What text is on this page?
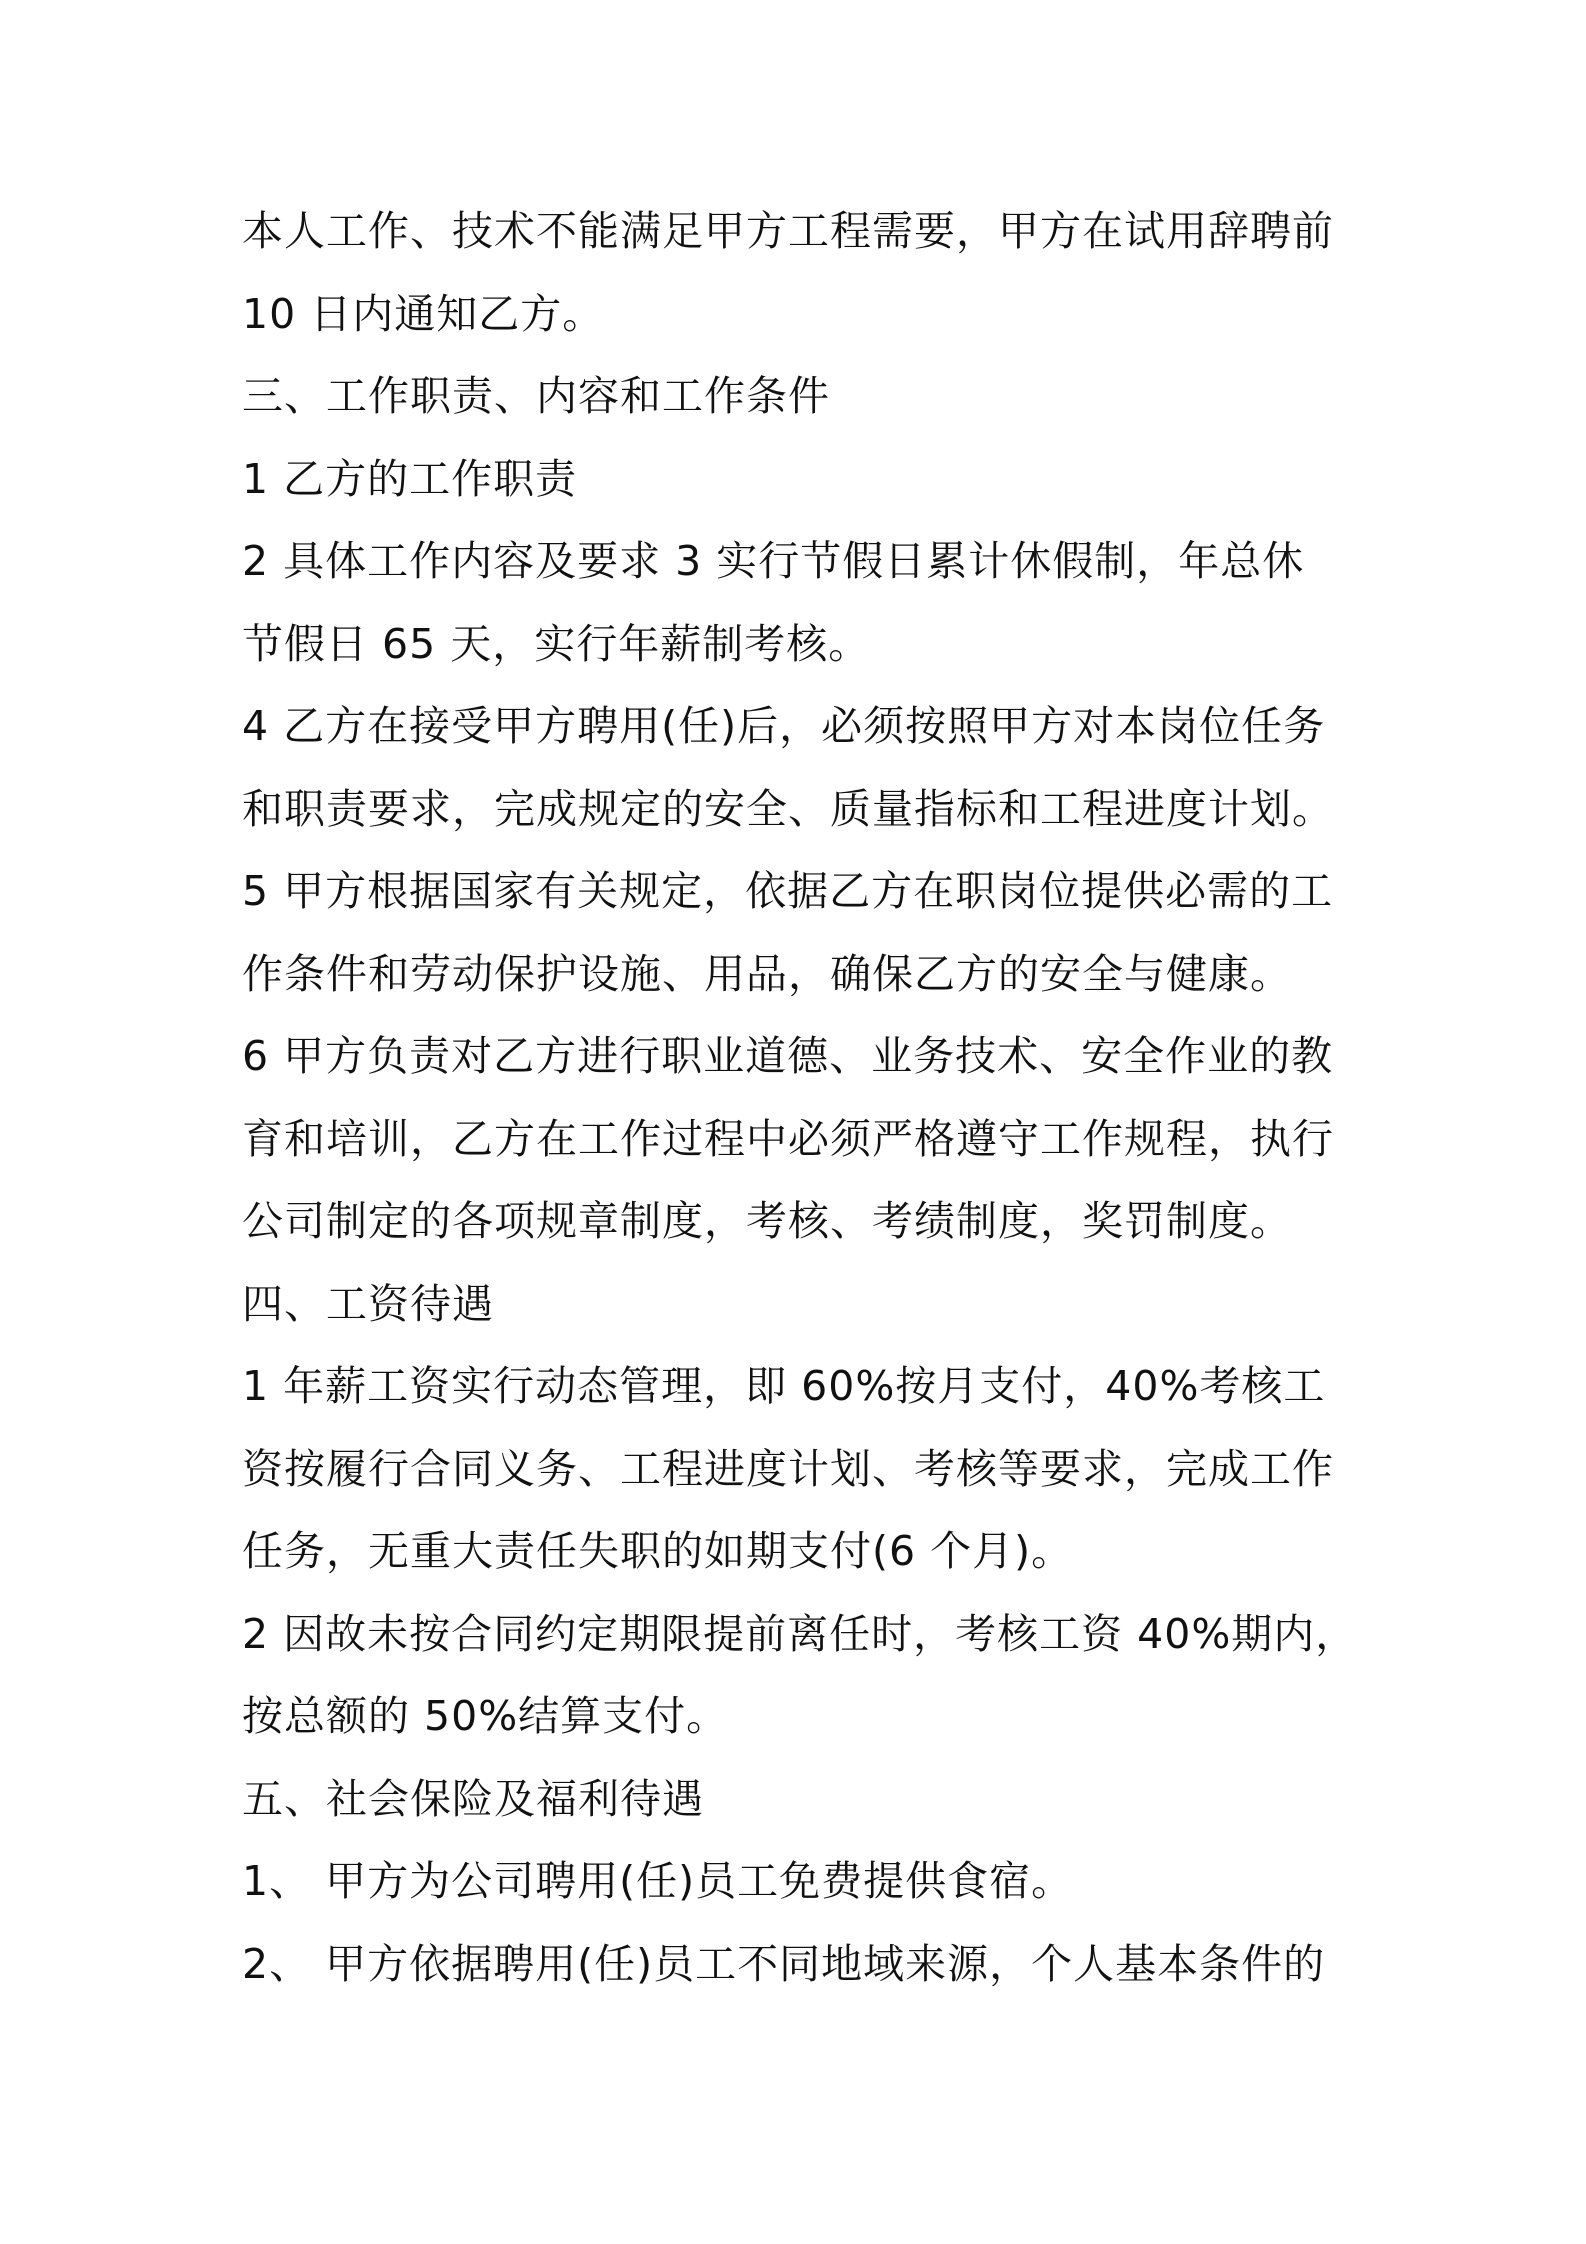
本人工作、技术不能满足甲方工程需要，甲方在试用辞聘前

10 日内通知乙方。

三、工作职责、内容和工作条件

1 乙方的工作职责

2 具体工作内容及要求 3 实行节假日累计休假制，年总休

节假日 65 天，实行年薪制考核。

4 乙方在接受甲方聘用(任)后，必须按照甲方对本岗位任务

和职责要求，完成规定的安全、质量指标和工程进度计划。

5 甲方根据国家有关规定，依据乙方在职岗位提供必需的工

作条件和劳动保护设施、用品，确保乙方的安全与健康。

6 甲方负责对乙方进行职业道德、业务技术、安全作业的教

育和培训，乙方在工作过程中必须严格遵守工作规程，执行

公司制定的各项规章制度，考核、考绩制度，奖罚制度。

四、工资待遇

1 年薪工资实行动态管理，即 60%按月支付，40%考核工

资按履行合同义务、工程进度计划、考核等要求，完成工作

任务，无重大责任失职的如期支付(6 个月)。

2 因故未按合同约定期限提前离任时，考核工资 40%期内，

按总额的 50%结算支付。

五、社会保险及福利待遇

1、 甲方为公司聘用(任)员工免费提供食宿。

2、 甲方依据聘用(任)员工不同地域来源，个人基本条件的
